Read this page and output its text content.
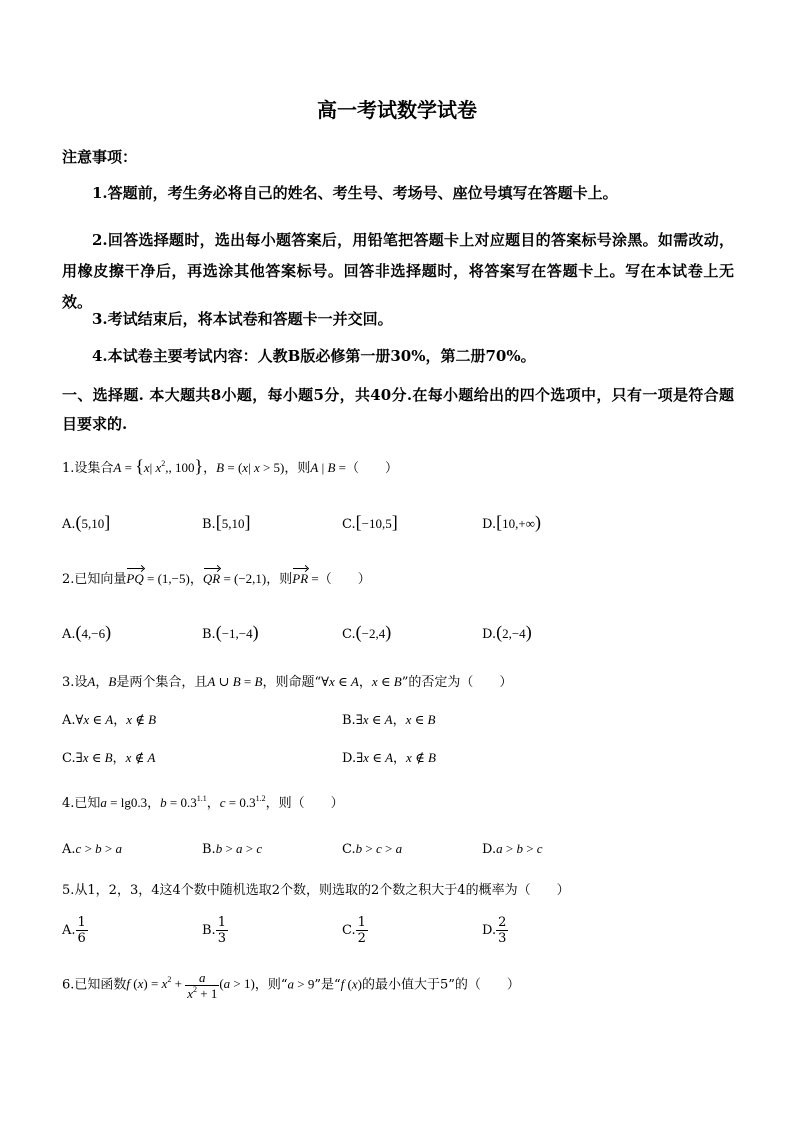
高一考试数学试卷
注意事项：
1.答题前，考生务必将自己的姓名、考生号、考场号、座位号填写在答题卡上。
2.回答选择题时，选出每小题答案后，用铅笔把答题卡上对应题目的答案标号涂黑。如需改动，用橡皮擦干净后，再选涂其他答案标号。回答非选择题时，将答案写在答题卡上。写在本试卷上无效。
3.考试结束后，将本试卷和答题卡一并交回。
4.本试卷主要考试内容：人教B版必修第一册30%，第二册70%。
一、选择题. 本大题共8小题，每小题5分，共40分.在每小题给出的四个选项中，只有一项是符合题目要求的.
1.设集合A = {x| $x^2$,, 100}，B = (x| x > 5)，则A | B =（　　）
A.(5,10]	B.[5,10]	C.[−10,5]	D.[10,+∞)
2.已知向量PQ = (1,−5)，QR = (−2,1)，则PR =（　　）
A.(4,−6)	B.(−1,−4)	C.(−2,4)	D.(2,−4)
3.设A，B是两个集合，且A ∪ B = B，则命题“∀x ∈ A，x ∈ B”的否定为（　　）
A.∀x ∈ A，x ∉ B	B.∃x ∈ A，x ∈ B
C.∃x ∈ B，x ∉ A	D.∃x ∈ A，x ∉ B
4.已知a = lg0.3，$b = 0.3^{1.1}$，$c = 0.3^{1.2}$，则（　　）
A.c > b > a	B.b > a > c	C.b > c > a	D.a > b > c
5.从1，2，3，4这4个数中随机选取2个数，则选取的2个数之积大于4的概率为（　　）
A. $\frac{1}{6}$	B. $\frac{1}{3}$	C. $\frac{1}{2}$	D. $\frac{2}{3}$
6.已知函数f $(x) = x^2 + \frac{a}{x^2 + 1} (a > 1)$，则“a > 9”是“f (x)的最小值大于5”的（　　）
